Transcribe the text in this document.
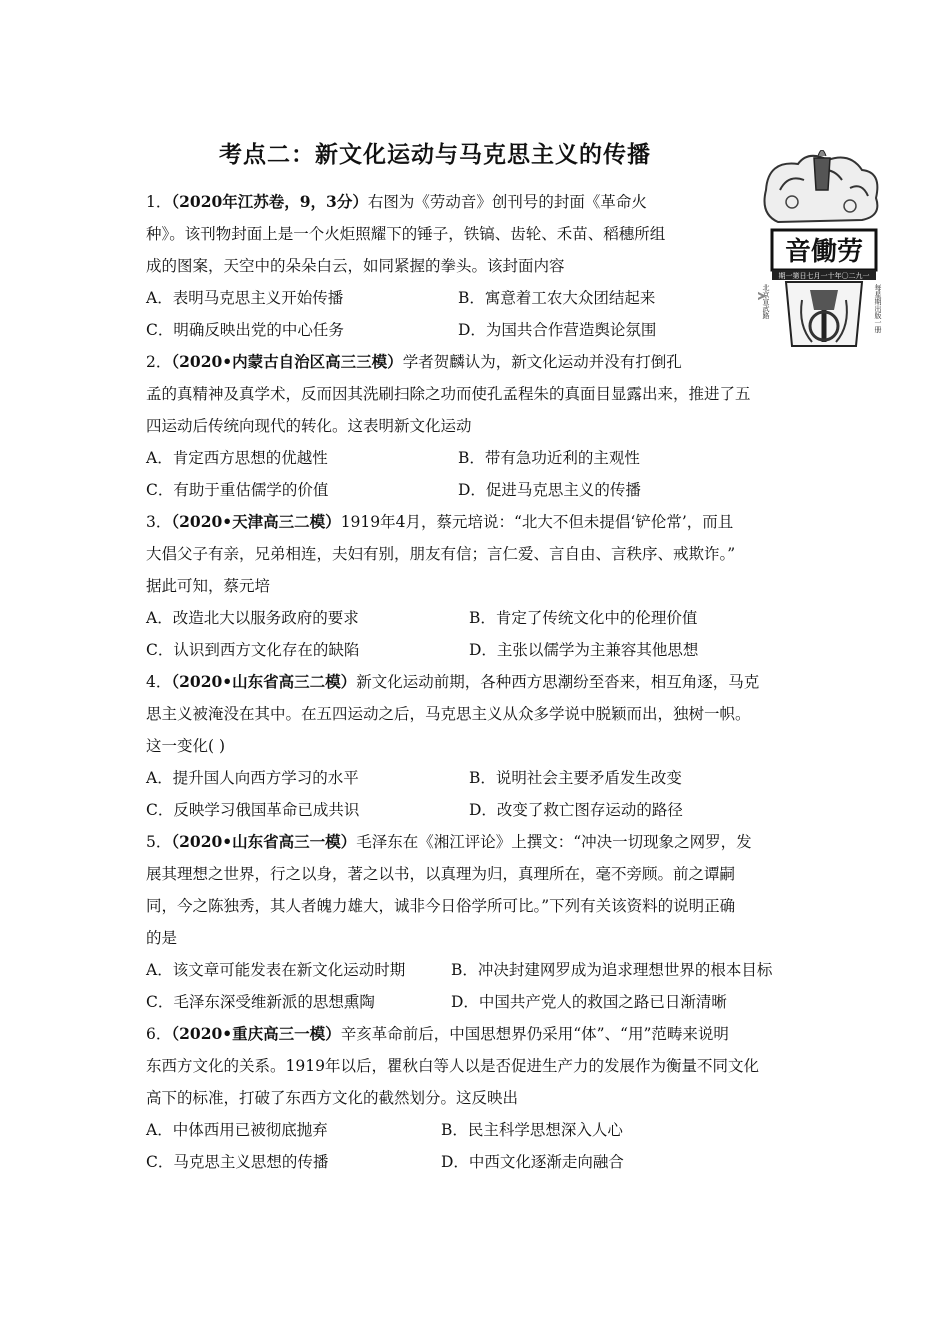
考点二：新文化运动与马克思主义的传播
音働劳
期一第日七月一十年〇二九一
北京宣武路	每星期出版一册
1．（2020年江苏卷，9，3分）右图为《劳动音》创刊号的封面《革命火
种》。该刊物封面上是一个火炬照耀下的锤子，铁镐、齿轮、禾苗、稻穗所组
成的图案，天空中的朵朵白云，如同紧握的拳头。该封面内容
A．表明马克思主义开始传播	B．寓意着工农大众团结起来
C．明确反映出党的中心任务	D．为国共合作营造舆论氛围
2．（2020•内蒙古自治区高三三模）学者贺麟认为，新文化运动并没有打倒孔
孟的真精神及真学术，反而因其洗刷扫除之功而使孔孟程朱的真面目显露出来，推进了五
四运动后传统向现代的转化。这表明新文化运动
A．肯定西方思想的优越性	B．带有急功近利的主观性
C．有助于重估儒学的价值	D．促进马克思主义的传播
3．（2020•天津高三二模）1919年4月，蔡元培说：“北大不但未提倡‘铲伦常’，而且
大倡父子有亲，兄弟相连，夫妇有别，朋友有信；言仁爱、言自由、言秩序、戒欺诈。”
据此可知，蔡元培
A．改造北大以服务政府的要求	B．肯定了传统文化中的伦理价值
C．认识到西方文化存在的缺陷	D．主张以儒学为主兼容其他思想
4．（2020•山东省高三二模）新文化运动前期，各种西方思潮纷至沓来，相互角逐，马克
思主义被淹没在其中。在五四运动之后，马克思主义从众多学说中脱颖而出，独树一帜。
这一变化( )
A．提升国人向西方学习的水平	B．说明社会主要矛盾发生改变
C．反映学习俄国革命已成共识	D．改变了救亡图存运动的路径
5．（2020•山东省高三一模）毛泽东在《湘江评论》上撰文：“冲决一切现象之网罗，发
展其理想之世界，行之以身，著之以书，以真理为归，真理所在，毫不旁顾。前之谭嗣
同，今之陈独秀，其人者魄力雄大，诚非今日俗学所可比。”下列有关该资料的说明正确
的是
A．该文章可能发表在新文化运动时期	B．冲决封建网罗成为追求理想世界的根本目标
C．毛泽东深受维新派的思想熏陶	D．中国共产党人的救国之路已日渐清晰
6．（2020•重庆高三一模）辛亥革命前后，中国思想界仍采用“体”、“用”范畴来说明
东西方文化的关系。1919年以后，瞿秋白等人以是否促进生产力的发展作为衡量不同文化
高下的标准，打破了东西方文化的截然划分。这反映出
A．中体西用已被彻底抛弃	B．民主科学思想深入人心
C．马克思主义思想的传播	D．中西文化逐渐走向融合
